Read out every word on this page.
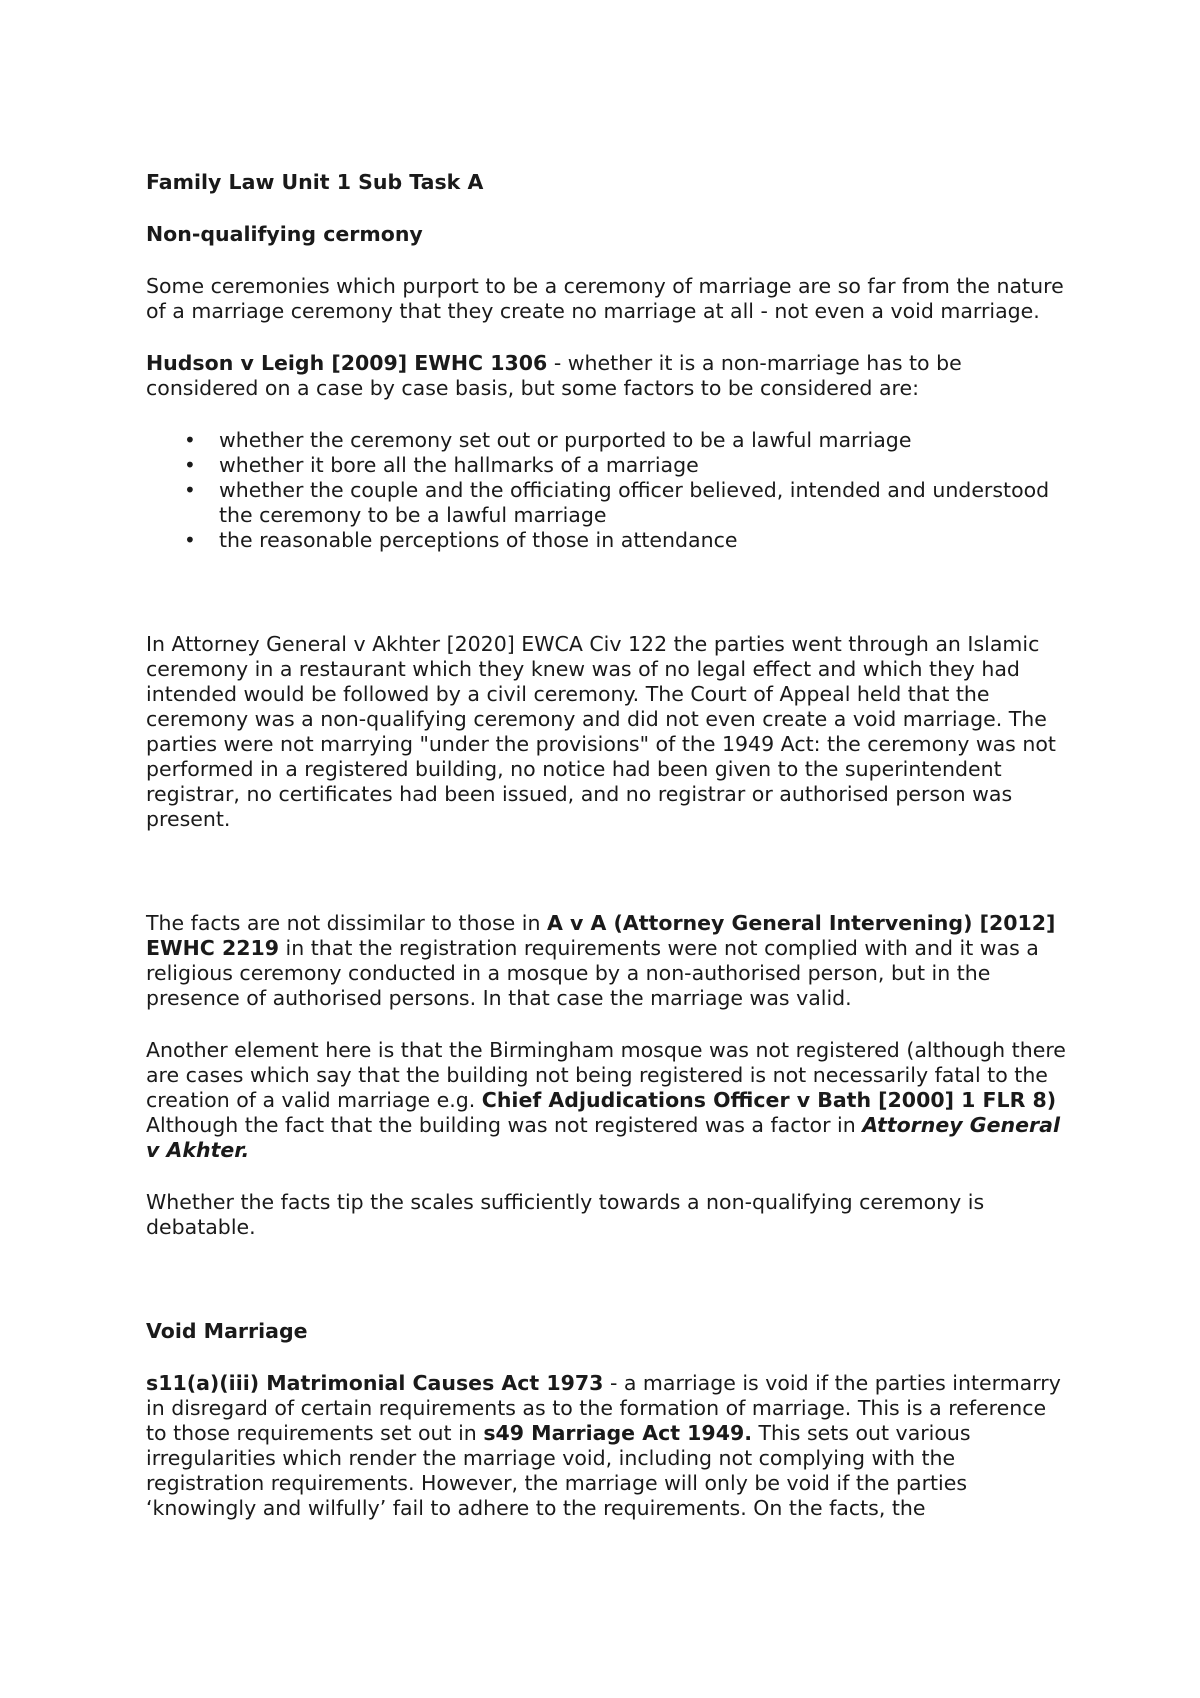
Family Law Unit 1 Sub Task A

Non-qualifying cermony

Some ceremonies which purport to be a ceremony of marriage are so far from the nature of a marriage ceremony that they create no marriage at all - not even a void marriage.

Hudson v Leigh [2009] EWHC 1306 - whether it is a non-marriage has to be considered on a case by case basis, but some factors to be considered are:

• whether the ceremony set out or purported to be a lawful marriage
• whether it bore all the hallmarks of a marriage
• whether the couple and the officiating officer believed, intended and understood the ceremony to be a lawful marriage
• the reasonable perceptions of those in attendance

In Attorney General v Akhter [2020] EWCA Civ 122 the parties went through an Islamic ceremony in a restaurant which they knew was of no legal effect and which they had intended would be followed by a civil ceremony. The Court of Appeal held that the ceremony was a non-qualifying ceremony and did not even create a void marriage. The parties were not marrying "under the provisions" of the 1949 Act: the ceremony was not performed in a registered building, no notice had been given to the superintendent registrar, no certificates had been issued, and no registrar or authorised person was present.

The facts are not dissimilar to those in A v A (Attorney General Intervening) [2012] EWHC 2219 in that the registration requirements were not complied with and it was a religious ceremony conducted in a mosque by a non-authorised person, but in the presence of authorised persons. In that case the marriage was valid.

Another element here is that the Birmingham mosque was not registered (although there are cases which say that the building not being registered is not necessarily fatal to the creation of a valid marriage e.g. Chief Adjudications Officer v Bath [2000] 1 FLR 8) Although the fact that the building was not registered was a factor in Attorney General v Akhter.

Whether the facts tip the scales sufficiently towards a non-qualifying ceremony is debatable.

Void Marriage

s11(a)(iii) Matrimonial Causes Act 1973 - a marriage is void if the parties intermarry in disregard of certain requirements as to the formation of marriage. This is a reference to those requirements set out in s49 Marriage Act 1949. This sets out various irregularities which render the marriage void, including not complying with the registration requirements. However, the marriage will only be void if the parties ‘knowingly and wilfully’ fail to adhere to the requirements. On the facts, the
